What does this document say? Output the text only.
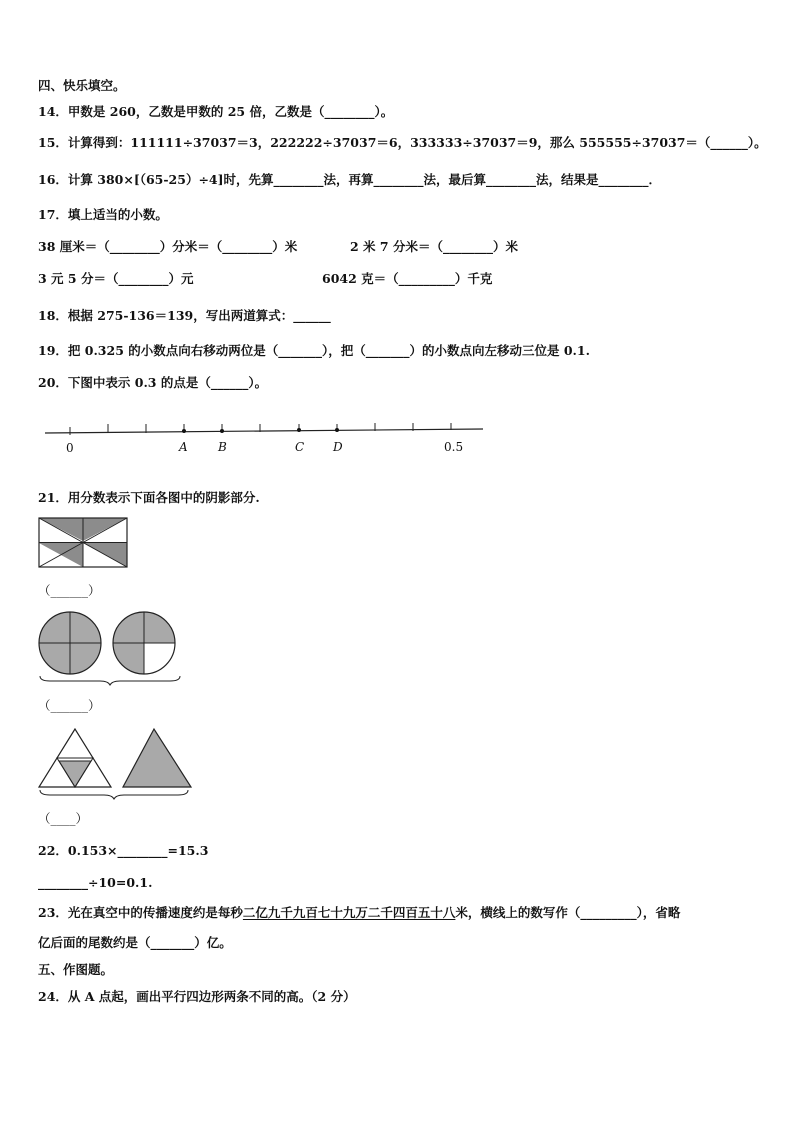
四、快乐填空。
14．甲数是 260，乙数是甲数的 25 倍，乙数是（________）。
15．计算得到：111111÷37037＝3，222222÷37037＝6，333333÷37037＝9，那么 555555÷37037＝（______）。
16．计算 380×[（65-25）÷4]时，先算________法，再算________法，最后算________法，结果是________．
17．填上适当的小数。
38 厘米＝（________）分米＝（________）米	2 米 7 分米＝（________）米
3 元 5 分＝（________）元	6042 克＝（_________）千克
18．根据 275-136＝139，写出两道算式：______
19．把 0.325 的小数点向右移动两位是（_______），把（_______）的小数点向左移动三位是 0.1.
20．下图中表示 0.3 的点是（______）。
0	A	B	C D	0.5
21．用分数表示下面各图中的阴影部分.
（______）
（______）
（____）
22．0.153×________=15.3
________÷10=0.1.
23．光在真空中的传播速度约是每秒二亿九千九百七十九万二千四百五十八米，横线上的数写作（_________），省略
亿后面的尾数约是（_______）亿。
五、作图题。
24．从 A 点起，画出平行四边形两条不同的高。（2 分）
